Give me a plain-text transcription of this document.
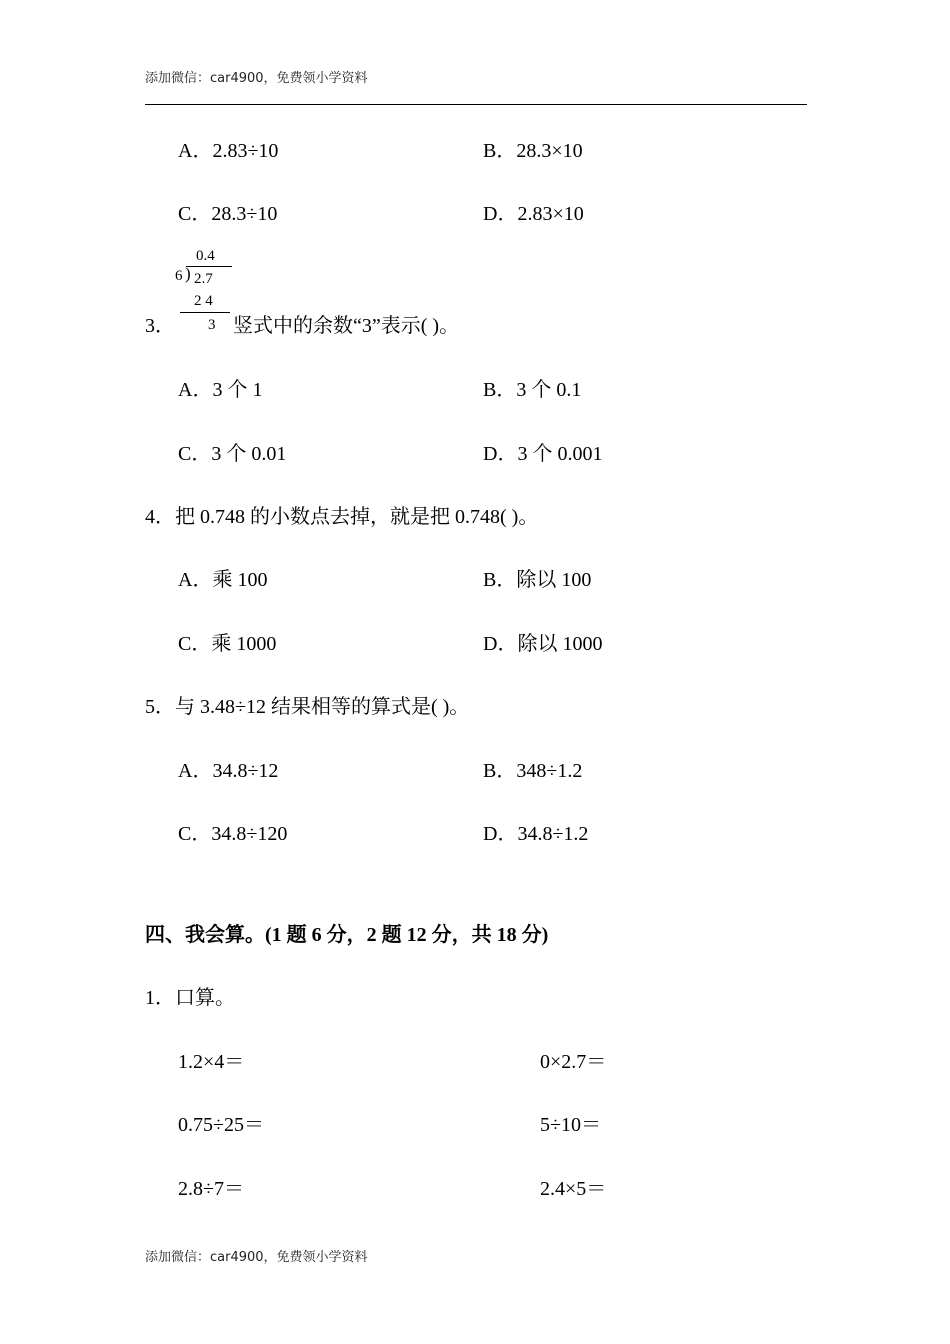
添加微信：car4900，免费领小学资料
A．2.83÷10	B．28.3×10
C．28.3÷10	D．2.83×10
0.4
6 ) 2.7
2 4
3
3．	竖式中的余数“3”表示( )。
A．3 个 1	B．3 个 0.1
C．3 个 0.01	D．3 个 0.001
4．把 0.748 的小数点去掉，就是把 0.748( )。
A．乘 100	B．除以 100
C．乘 1000	D．除以 1000
5．与 3.48÷12 结果相等的算式是( )。
A．34.8÷12	B．348÷1.2
C．34.8÷120	D．34.8÷1.2
四、我会算。(1 题 6 分，2 题 12 分，共 18 分)
1．口算。
1.2×4＝	0×2.7＝
0.75÷25＝	5÷10＝
2.8÷7＝	2.4×5＝
添加微信：car4900，免费领小学资料
